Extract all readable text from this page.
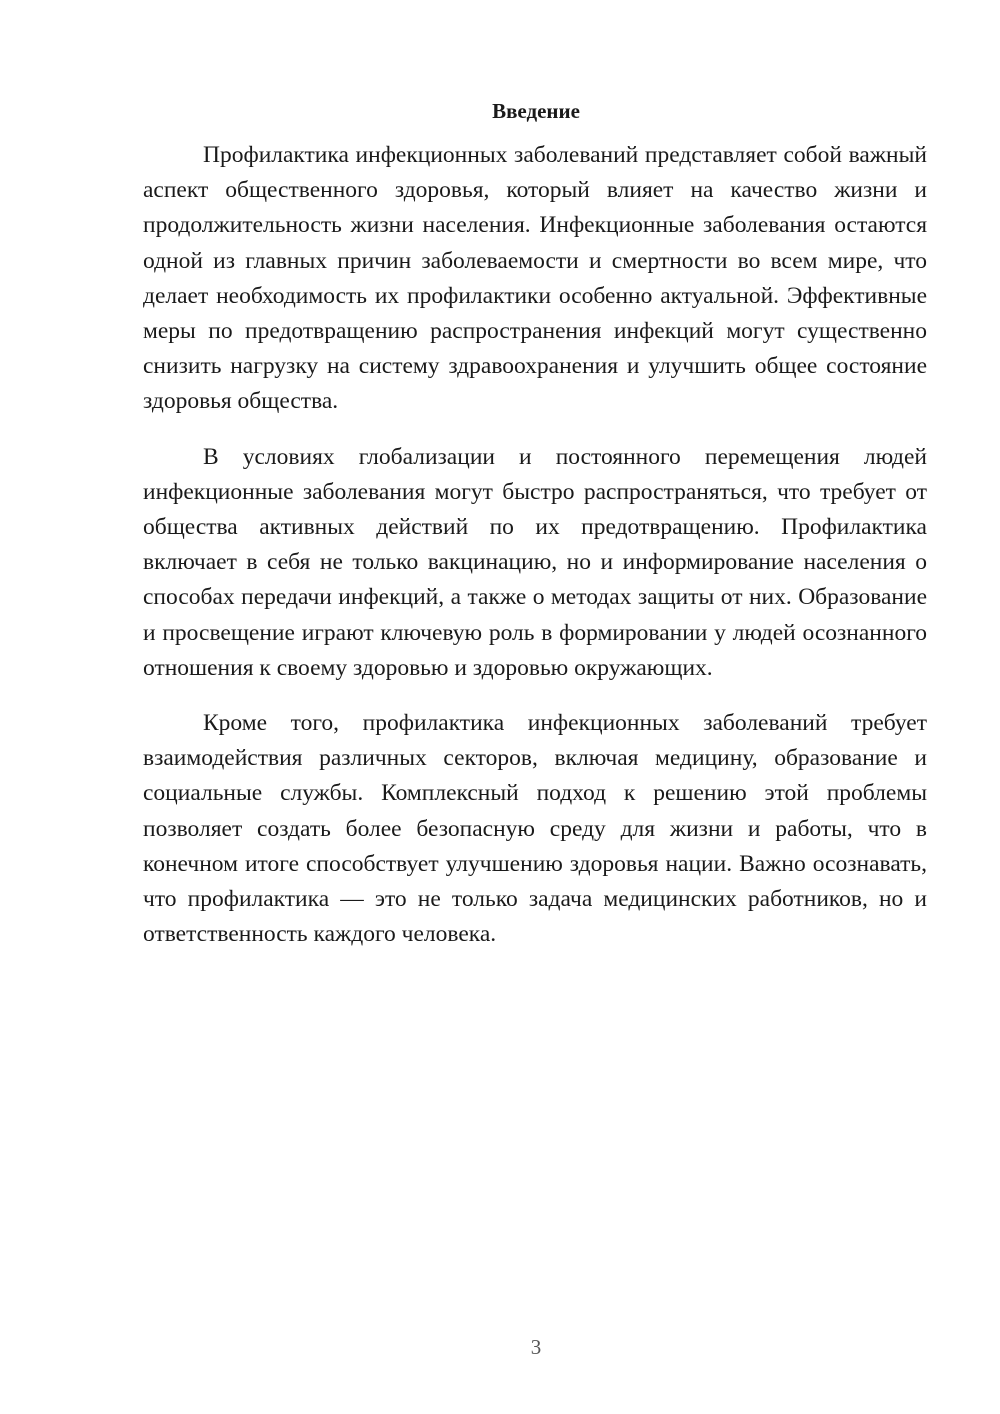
Введение

Профилактика инфекционных заболеваний представляет собой важный аспект общественного здоровья, который влияет на качество жизни и продолжительность жизни населения. Инфекционные заболевания остаются одной из главных причин заболеваемости и смертности во всем мире, что делает необходимость их профилактики особенно актуальной. Эффективные меры по предотвращению распространения инфекций могут существенно снизить нагрузку на систему здравоохранения и улучшить общее состояние здоровья общества.

В условиях глобализации и постоянного перемещения людей инфекционные заболевания могут быстро распространяться, что требует от общества активных действий по их предотвращению. Профилактика включает в себя не только вакцинацию, но и информирование населения о способах передачи инфекций, а также о методах защиты от них. Образование и просвещение играют ключевую роль в формировании у людей осознанного отношения к своему здоровью и здоровью окружающих.

Кроме того, профилактика инфекционных заболеваний требует взаимодействия различных секторов, включая медицину, образование и социальные службы. Комплексный подход к решению этой проблемы позволяет создать более безопасную среду для жизни и работы, что в конечном итоге способствует улучшению здоровья нации. Важно осознавать, что профилактика — это не только задача медицинских работников, но и ответственность каждого человека.

3
